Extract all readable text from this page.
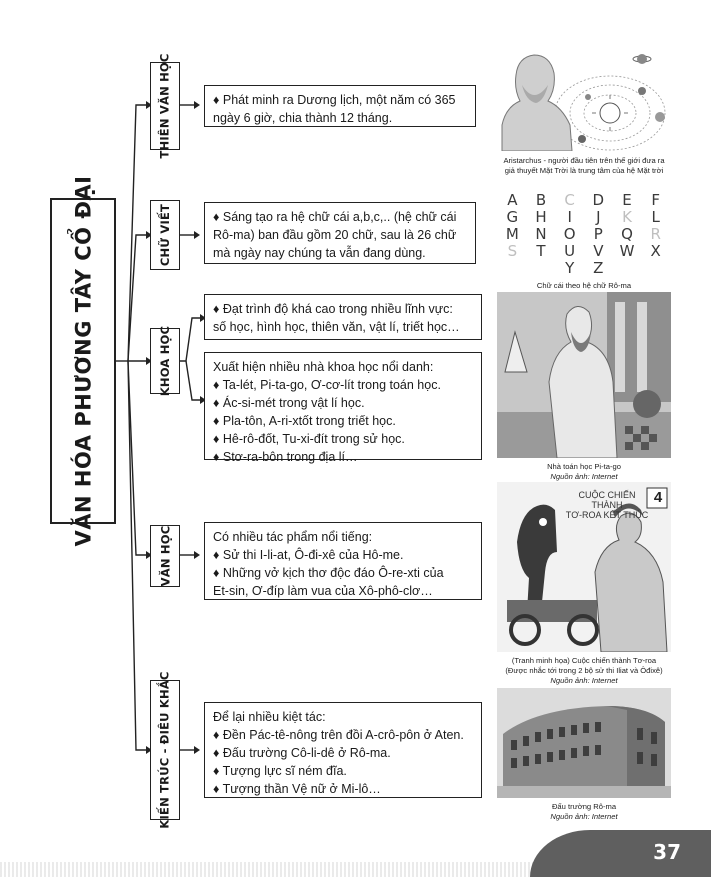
VĂN HÓA PHƯƠNG TÂY CỔ ĐẠI
THIÊN VĂN HỌC
CHỮ VIẾT
KHOA HỌC
VĂN HỌC
KIẾN TRÚC - ĐIÊU KHẮC
♦ Phát minh ra Dương lịch, một năm có 365
ngày 6 giờ, chia thành 12 tháng.
♦ Sáng tạo ra hệ chữ cái a,b,c,.. (hệ chữ cái
Rô-ma) ban đầu gồm 20 chữ, sau là 26 chữ
mà ngày nay chúng ta vẫn đang dùng.
♦ Đạt trình độ khá cao trong nhiều lĩnh vực:
số học, hình học, thiên văn, vật lí, triết học…
Xuất hiện nhiều nhà khoa học nổi danh:
♦ Ta-lét, Pi-ta-go, Ơ-cơ-lít trong toán học.
♦ Ác-si-mét trong vật lí học.
♦ Pla-tôn, A-ri-xtốt trong triết học.
♦ Hê-rô-đốt, Tu-xi-đít trong sử học.
♦ Stơ-ra-bôn trong địa lí…
Có nhiều tác phẩm nổi tiếng:
♦ Sử thi I-li-at, Ô-đi-xê của Hô-me.
♦ Những vở kịch thơ độc đáo Ô-re-xti của
Et-sin, Ơ-đíp làm vua của Xô-phô-clơ…
Để lại nhiều kiệt tác:
♦ Đền Pác-tê-nông trên đồi A-crô-pôn ở Aten.
♦ Đấu trường Cô-li-dê ở Rô-ma.
♦ Tượng lực sĩ ném đĩa.
♦ Tượng thần Vệ nữ ở Mi-lô…
Aristarchus - người đầu tiên trên thế giới đưa ra
giả thuyết Mặt Trời là trung tâm của hệ Mặt trời
A	B	C	D	E	F
G	H	I	J	K	L
M	N	O	P	Q	R
S	T	U	V	W	X
Y	Z
Chữ cái theo hệ chữ Rô-ma
Nhà toán học Pi-ta-go
Nguồn ảnh: Internet
CUỘC CHIẾN THÀNH
TƠ-ROA KẾT THÚC
4
(Tranh minh họa) Cuộc chiến thành Tơ-roa
(Được nhắc tới trong 2 bộ sử thi Iliat và Ôđixê)
Nguồn ảnh: Internet
Đấu trường Rô-ma
Nguồn ảnh: Internet
37
